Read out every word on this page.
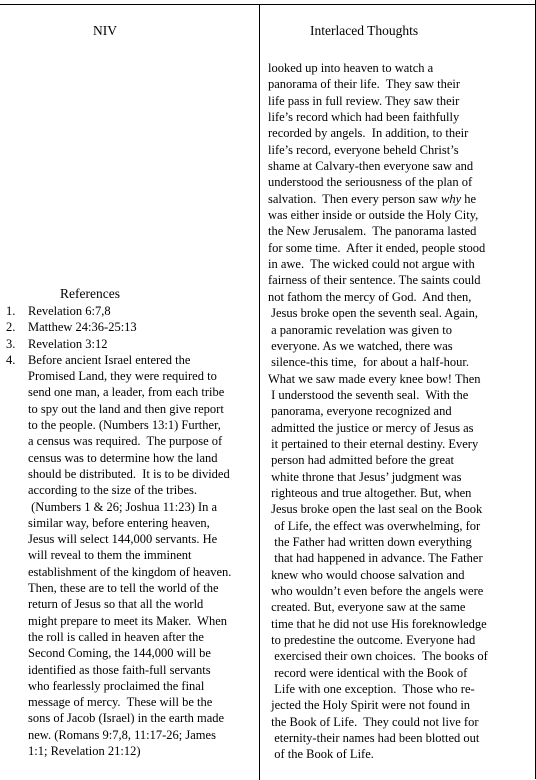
NIV	Interlaced Thoughts
References
1. Revelation 6:7,8
2. Matthew 24:36-25:13
3. Revelation 3:12
4. Before ancient Israel entered the
Promised Land, they were required to
send one man, a leader, from each tribe
to spy out the land and then give report
to the people. (Numbers 13:1) Further,
a census was required.  The purpose of
census was to determine how the land
should be distributed.  It is to be divided
according to the size of the tribes.
(Numbers 1 & 26; Joshua 11:23) In a
similar way, before entering heaven,
Jesus will select 144,000 servants. He
will reveal to them the imminent
establishment of the kingdom of heaven.
Then, these are to tell the world of the
return of Jesus so that all the world
might prepare to meet its Maker.  When
the roll is called in heaven after the
Second Coming, the 144,000 will be
identified as those faith-full servants
who fearlessly proclaimed the final
message of mercy.  These will be the
sons of Jacob (Israel) in the earth made
new. (Romans 9:7,8, 11:17-26; James
1:1; Revelation 21:12)
looked up into heaven to watch a
panorama of their life.  They saw their
life pass in full review. They saw their
life’s record which had been faithfully
recorded by angels.  In addition, to their
life’s record, everyone beheld Christ’s
shame at Calvary-then everyone saw and
understood the seriousness of the plan of
salvation.  Then every person saw why he
was either inside or outside the Holy City,
the New Jerusalem.  The panorama lasted
for some time.  After it ended, people stood
in awe.  The wicked could not argue with
fairness of their sentence. The saints could
not fathom the mercy of God.  And then,
Jesus broke open the seventh seal. Again,
a panoramic revelation was given to
everyone. As we watched, there was
silence-this time,  for about a half-hour.
What we saw made every knee bow! Then
I understood the seventh seal.  With the
panorama, everyone recognized and
admitted the justice or mercy of Jesus as
it pertained to their eternal destiny. Every
person had admitted before the great
white throne that Jesus’ judgment was
righteous and true altogether. But, when
Jesus broke open the last seal on the Book
of Life, the effect was overwhelming, for
the Father had written down everything
that had happened in advance. The Father
knew who would choose salvation and
who wouldn’t even before the angels were
created. But, everyone saw at the same
time that he did not use His foreknowledge
to predestine the outcome. Everyone had
exercised their own choices.  The books of
record were identical with the Book of
Life with one exception.  Those who re-
jected the Holy Spirit were not found in
the Book of Life.  They could not live for
eternity-their names had been blotted out
of the Book of Life.
